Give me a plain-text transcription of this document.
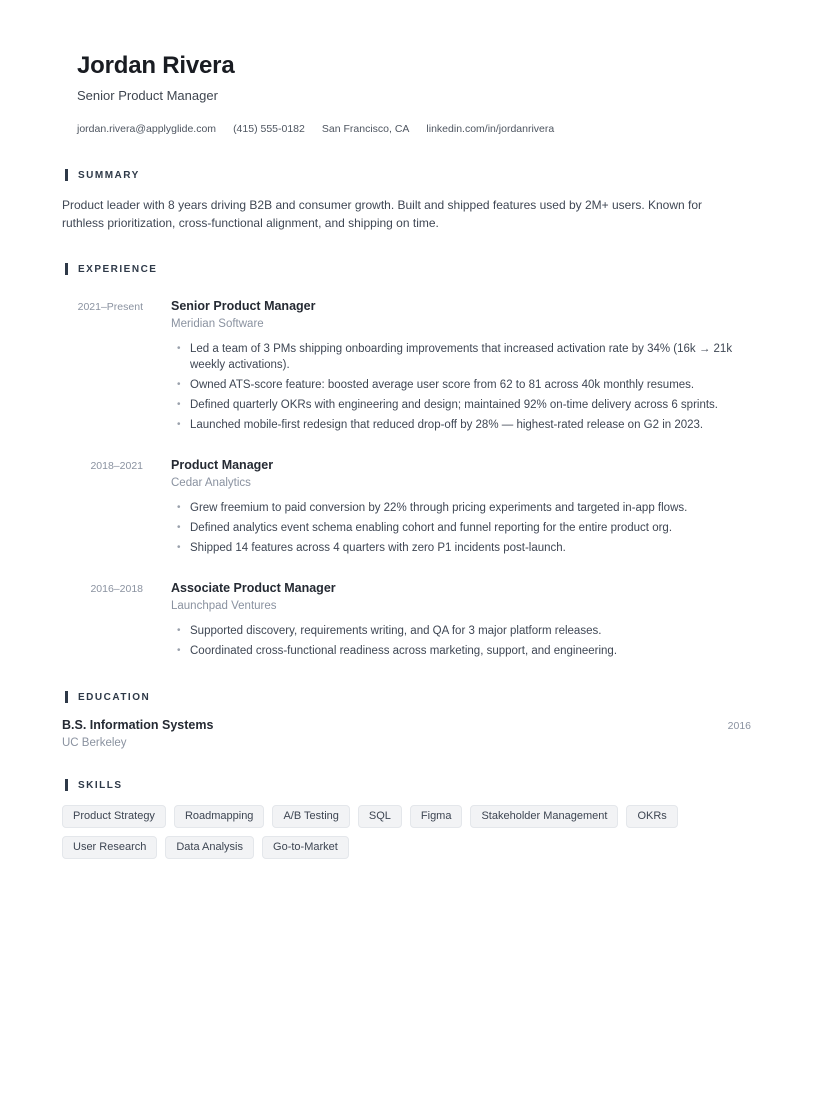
Jordan Rivera
Senior Product Manager
jordan.rivera@applyglide.com (415) 555-0182 San Francisco, CA linkedin.com/in/jordanrivera
SUMMARY

Product leader with 8 years driving B2B and consumer growth. Built and shipped features used by 2M+ users. Known for ruthless prioritization, cross-functional alignment, and shipping on time.

EXPERIENCE
2021–Present Senior Product Manager
Meridian Software
• Led a team of 3 PMs shipping onboarding improvements that increased activation rate by 34% (16k → 21k weekly activations).
• Owned ATS-score feature: boosted average user score from 62 to 81 across 40k monthly resumes.
• Defined quarterly OKRs with engineering and design; maintained 92% on-time delivery across 6 sprints.
• Launched mobile-first redesign that reduced drop-off by 28% — highest-rated release on G2 in 2023.
2018–2021 Product Manager
Cedar Analytics
• Grew freemium to paid conversion by 22% through pricing experiments and targeted in-app flows.
• Defined analytics event schema enabling cohort and funnel reporting for the entire product org.
• Shipped 14 features across 4 quarters with zero P1 incidents post-launch.
2016–2018 Associate Product Manager
Launchpad Ventures
• Supported discovery, requirements writing, and QA for 3 major platform releases.
• Coordinated cross-functional readiness across marketing, support, and engineering.
EDUCATION
B.S. Information Systems	2016
UC Berkeley
SKILLS
Product Strategy	Roadmapping	A/B Testing	SQL	Figma	Stakeholder Management	OKRs
User Research	Data Analysis	Go-to-Market
